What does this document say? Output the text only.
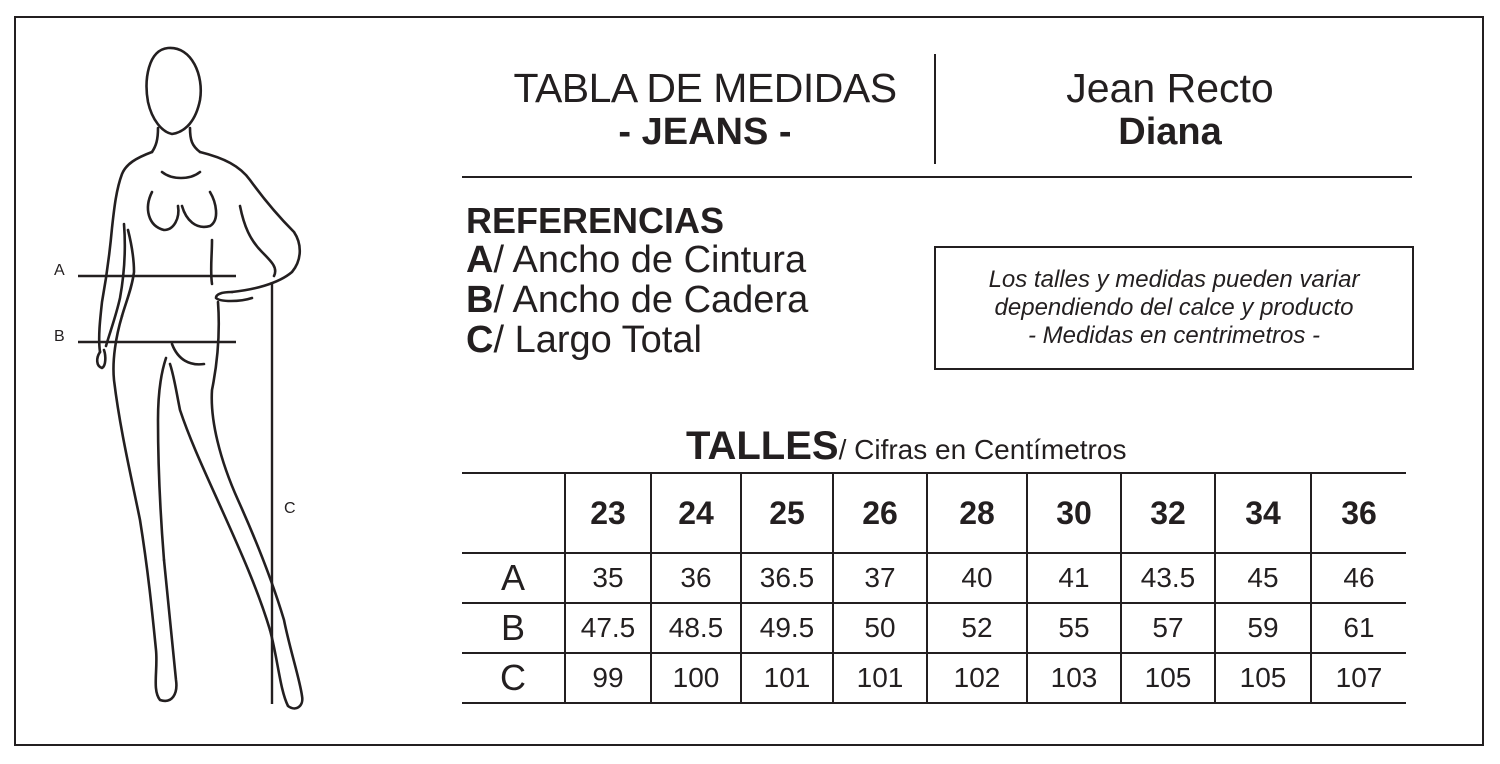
A
B
C
TABLA DE MEDIDAS
- JEANS -
Jean Recto
Diana
REFERENCIAS
A/ Ancho de Cintura
B/ Ancho de Cadera
C/ Largo Total
Los talles y medidas pueden variar
dependiendo del calce y producto
- Medidas en centrimetros -
TALLES/ Cifras en Centímetros
	23	24	25	26	28	30	32	34	36
A	35	36	36.5	37	40	41	43.5	45	46
B	47.5	48.5	49.5	50	52	55	57	59	61
C	99	100	101	101	102	103	105	105	107
